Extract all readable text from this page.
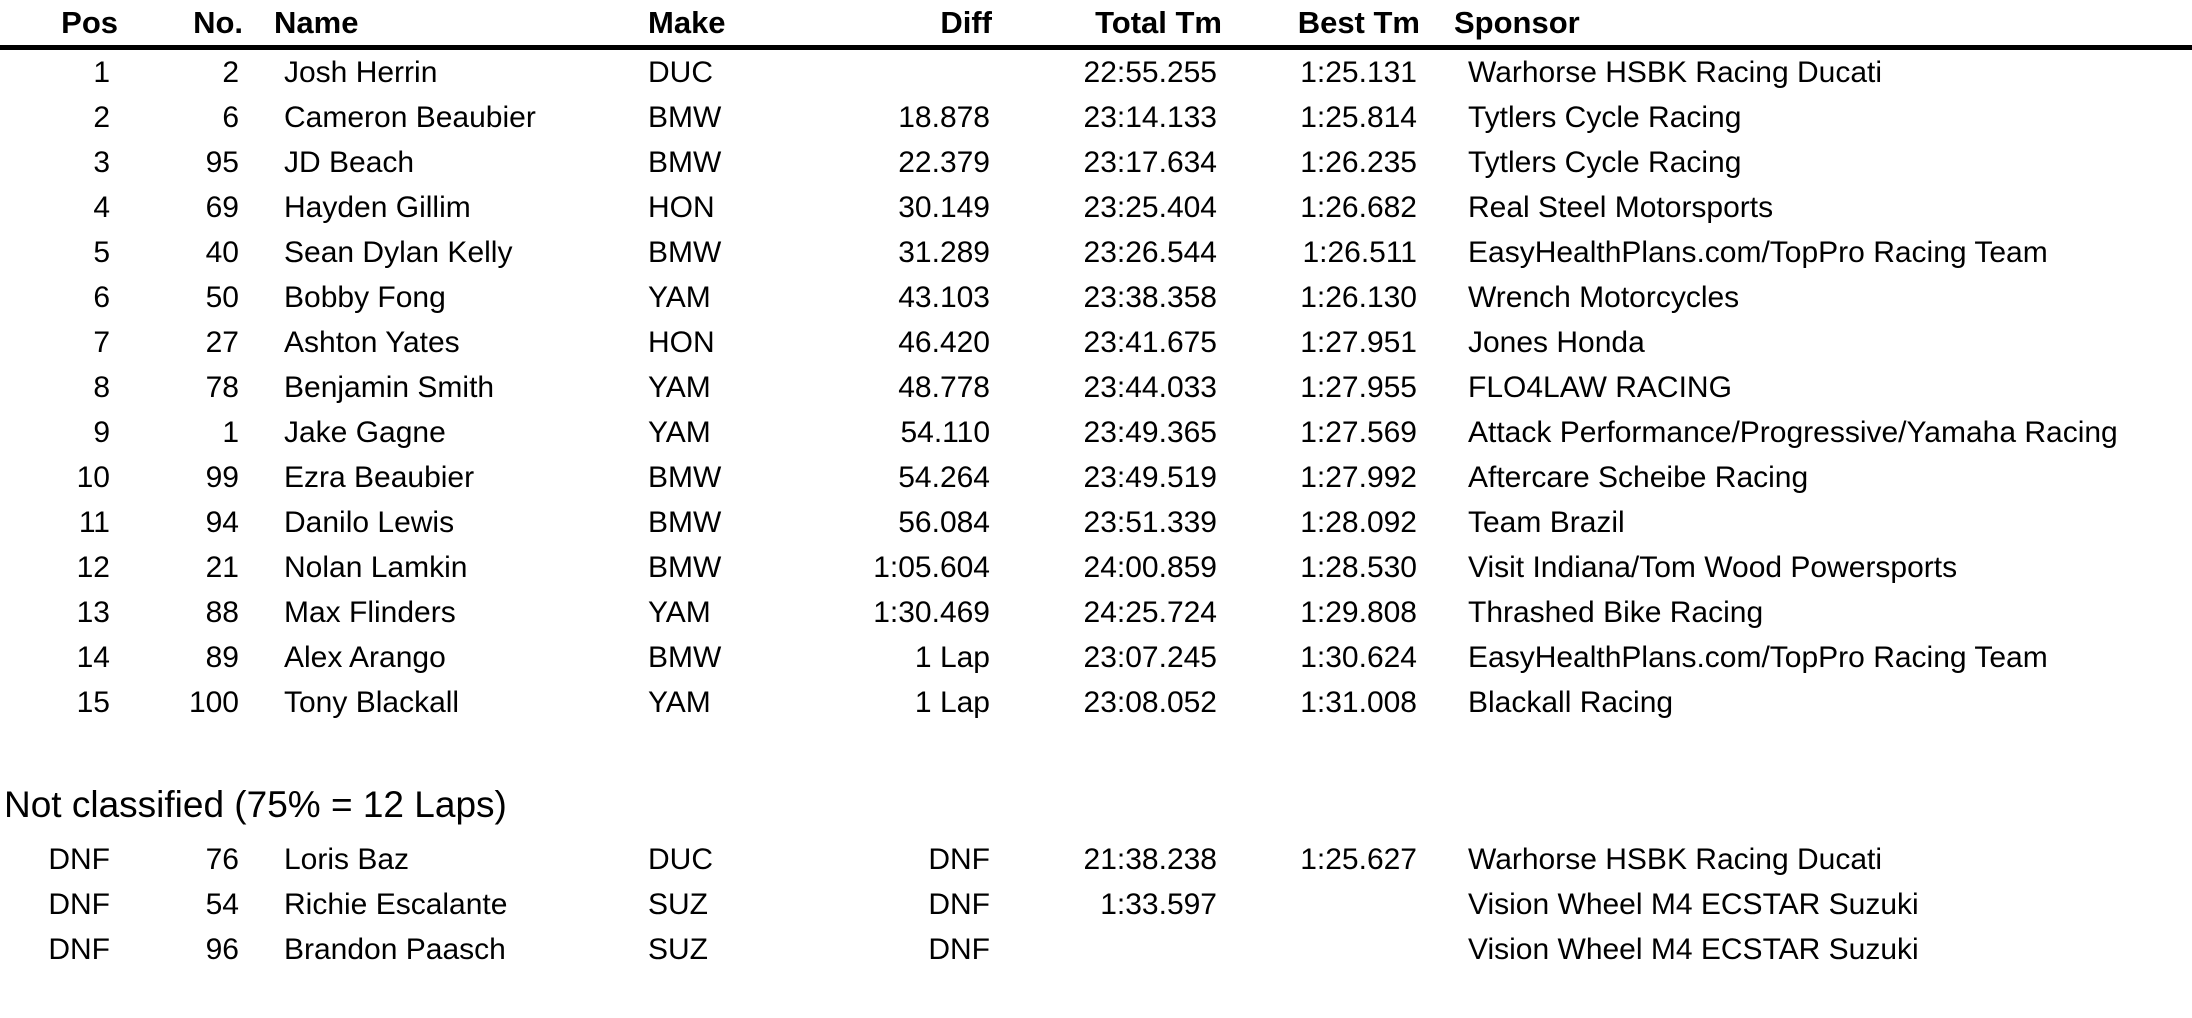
Pos	No.	Name	Make	Diff	Total Tm	Best Tm	Sponsor
1	2	Josh Herrin	DUC		22:55.255	1:25.131	Warhorse HSBK Racing Ducati
2	6	Cameron Beaubier	BMW	18.878	23:14.133	1:25.814	Tytlers Cycle Racing
3	95	JD Beach	BMW	22.379	23:17.634	1:26.235	Tytlers Cycle Racing
4	69	Hayden Gillim	HON	30.149	23:25.404	1:26.682	Real Steel Motorsports
5	40	Sean Dylan Kelly	BMW	31.289	23:26.544	1:26.511	EasyHealthPlans.com/TopPro Racing Team
6	50	Bobby Fong	YAM	43.103	23:38.358	1:26.130	Wrench Motorcycles
7	27	Ashton Yates	HON	46.420	23:41.675	1:27.951	Jones Honda
8	78	Benjamin Smith	YAM	48.778	23:44.033	1:27.955	FLO4LAW RACING
9	1	Jake Gagne	YAM	54.110	23:49.365	1:27.569	Attack Performance/Progressive/Yamaha Racing
10	99	Ezra Beaubier	BMW	54.264	23:49.519	1:27.992	Aftercare Scheibe Racing
11	94	Danilo Lewis	BMW	56.084	23:51.339	1:28.092	Team Brazil
12	21	Nolan Lamkin	BMW	1:05.604	24:00.859	1:28.530	Visit Indiana/Tom Wood Powersports
13	88	Max Flinders	YAM	1:30.469	24:25.724	1:29.808	Thrashed Bike Racing
14	89	Alex Arango	BMW	1 Lap	23:07.245	1:30.624	EasyHealthPlans.com/TopPro Racing Team
15	100	Tony Blackall	YAM	1 Lap	23:08.052	1:31.008	Blackall Racing
Not classified (75% = 12 Laps)
DNF	76	Loris Baz	DUC	DNF	21:38.238	1:25.627	Warhorse HSBK Racing Ducati
DNF	54	Richie Escalante	SUZ	DNF	1:33.597		Vision Wheel M4 ECSTAR Suzuki
DNF	96	Brandon Paasch	SUZ	DNF			Vision Wheel M4 ECSTAR Suzuki
